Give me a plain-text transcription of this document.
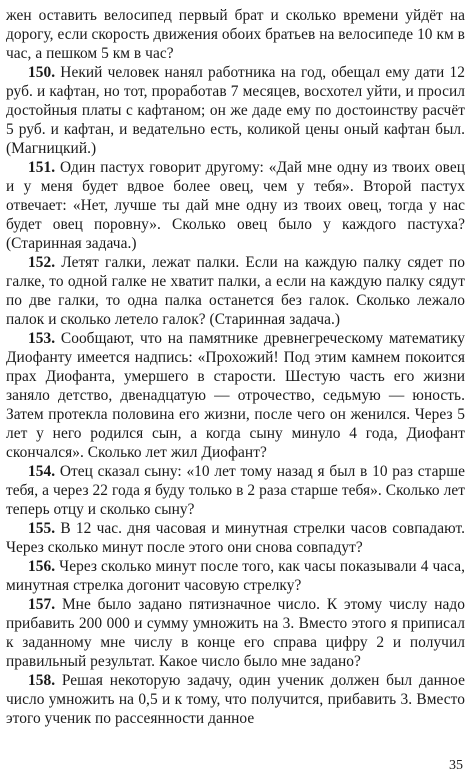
жен оставить велосипед первый брат и сколько времени уйдёт на дорогу, если скорость движения обоих братьев на велосипеде 10 км в час, а пешком 5 км в час?

150. Некий человек нанял работника на год, обещал ему дати 12 руб. и кафтан, но тот, проработав 7 месяцев, восхотел уйти, и просил достойныя платы с кафтаном; он же даде ему по достоинству расчёт 5 руб. и кафтан, и ведательно есть, коликой цены оный кафтан был. (Магницкий.)

151. Один пастух говорит другому: «Дай мне одну из твоих овец и у меня будет вдвое более овец, чем у тебя». Второй пастух отвечает: «Нет, лучше ты дай мне одну из твоих овец, тогда у нас будет овец поровну». Сколько овец было у каждого пастуха? (Старинная задача.)

152. Летят галки, лежат палки. Если на каждую палку сядет по галке, то одной галке не хватит палки, а если на каждую палку сядут по две галки, то одна палка останется без галок. Сколько лежало палок и сколько летело галок? (Старинная задача.)

153. Сообщают, что на памятнике древнегреческому математику Диофанту имеется надпись: «Прохожий! Под этим камнем покоится прах Диофанта, умершего в старости. Шестую часть его жизни заняло детство, двенадцатую — отрочество, седьмую — юность. Затем протекла половина его жизни, после чего он женился. Через 5 лет у него родился сын, а когда сыну минуло 4 года, Диофант скончался». Сколько лет жил Диофант?

154. Отец сказал сыну: «10 лет тому назад я был в 10 раз старше тебя, а через 22 года я буду только в 2 раза старше тебя». Сколько лет теперь отцу и сколько сыну?

155. В 12 час. дня часовая и минутная стрелки часов совпадают. Через сколько минут после этого они снова совпадут?

156. Через сколько минут после того, как часы показывали 4 часа, минутная стрелка догонит часовую стрелку?

157. Мне было задано пятизначное число. К этому числу надо прибавить 200 000 и сумму умножить на 3. Вместо этого я приписал к заданному мне числу в конце его справа цифру 2 и получил правильный результат. Какое число было мне задано?

158. Решая некоторую задачу, один ученик должен был данное число умножить на 0,5 и к тому, что получится, прибавить 3. Вместо этого ученик по рассеянности данное

35
